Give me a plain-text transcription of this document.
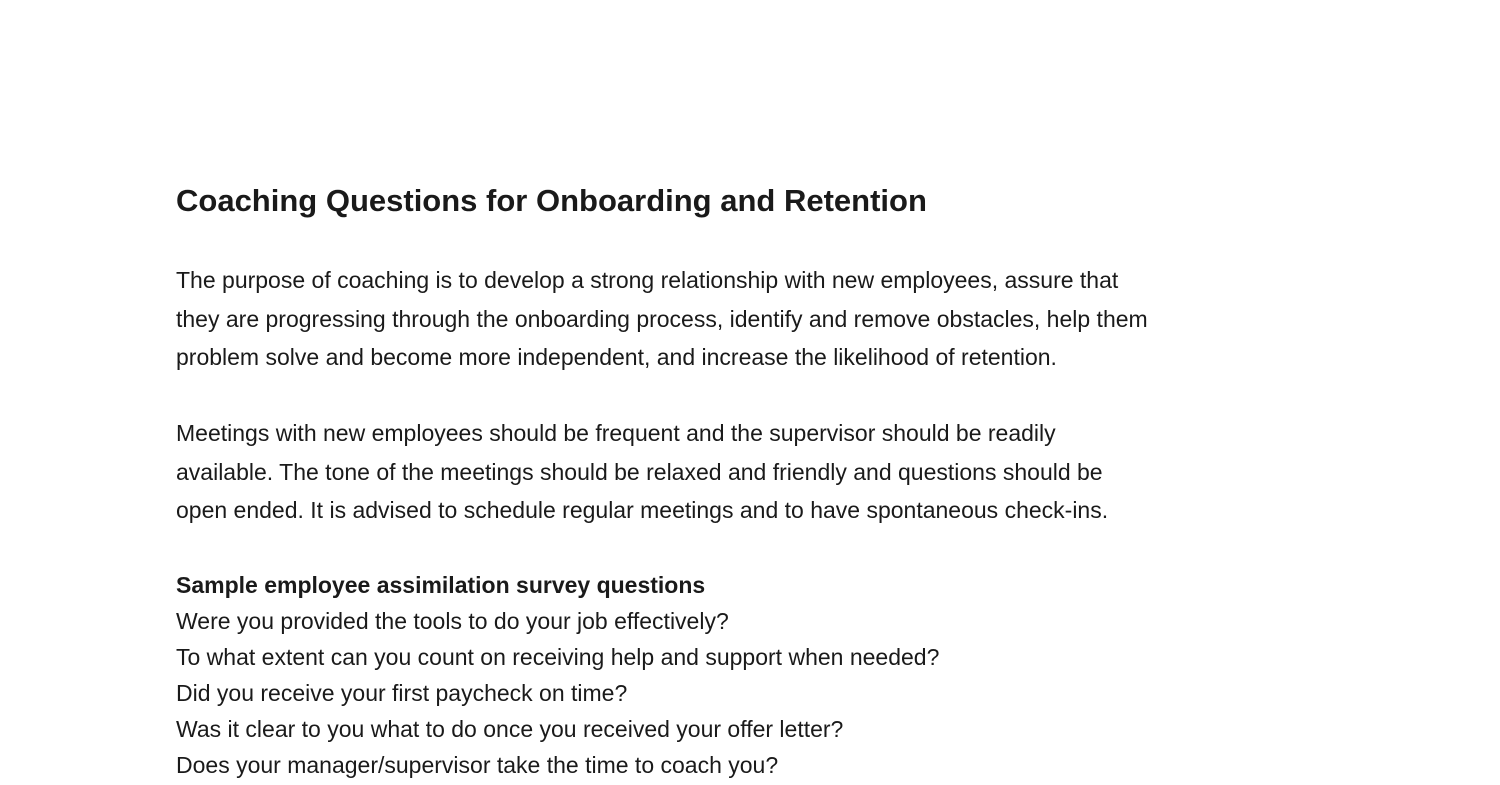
Coaching Questions for Onboarding and Retention
The purpose of coaching is to develop a strong relationship with new employees, assure that
they are progressing through the onboarding process, identify and remove obstacles, help them
problem solve and become more independent, and increase the likelihood of retention.
Meetings with new employees should be frequent and the supervisor should be readily
available. The tone of the meetings should be relaxed and friendly and questions should be
open ended. It is advised to schedule regular meetings and to have spontaneous check-ins.
Sample employee assimilation survey questions
Were you provided the tools to do your job effectively?
To what extent can you count on receiving help and support when needed?
Did you receive your first paycheck on time?
Was it clear to you what to do once you received your offer letter?
Does your manager/supervisor take the time to coach you?
